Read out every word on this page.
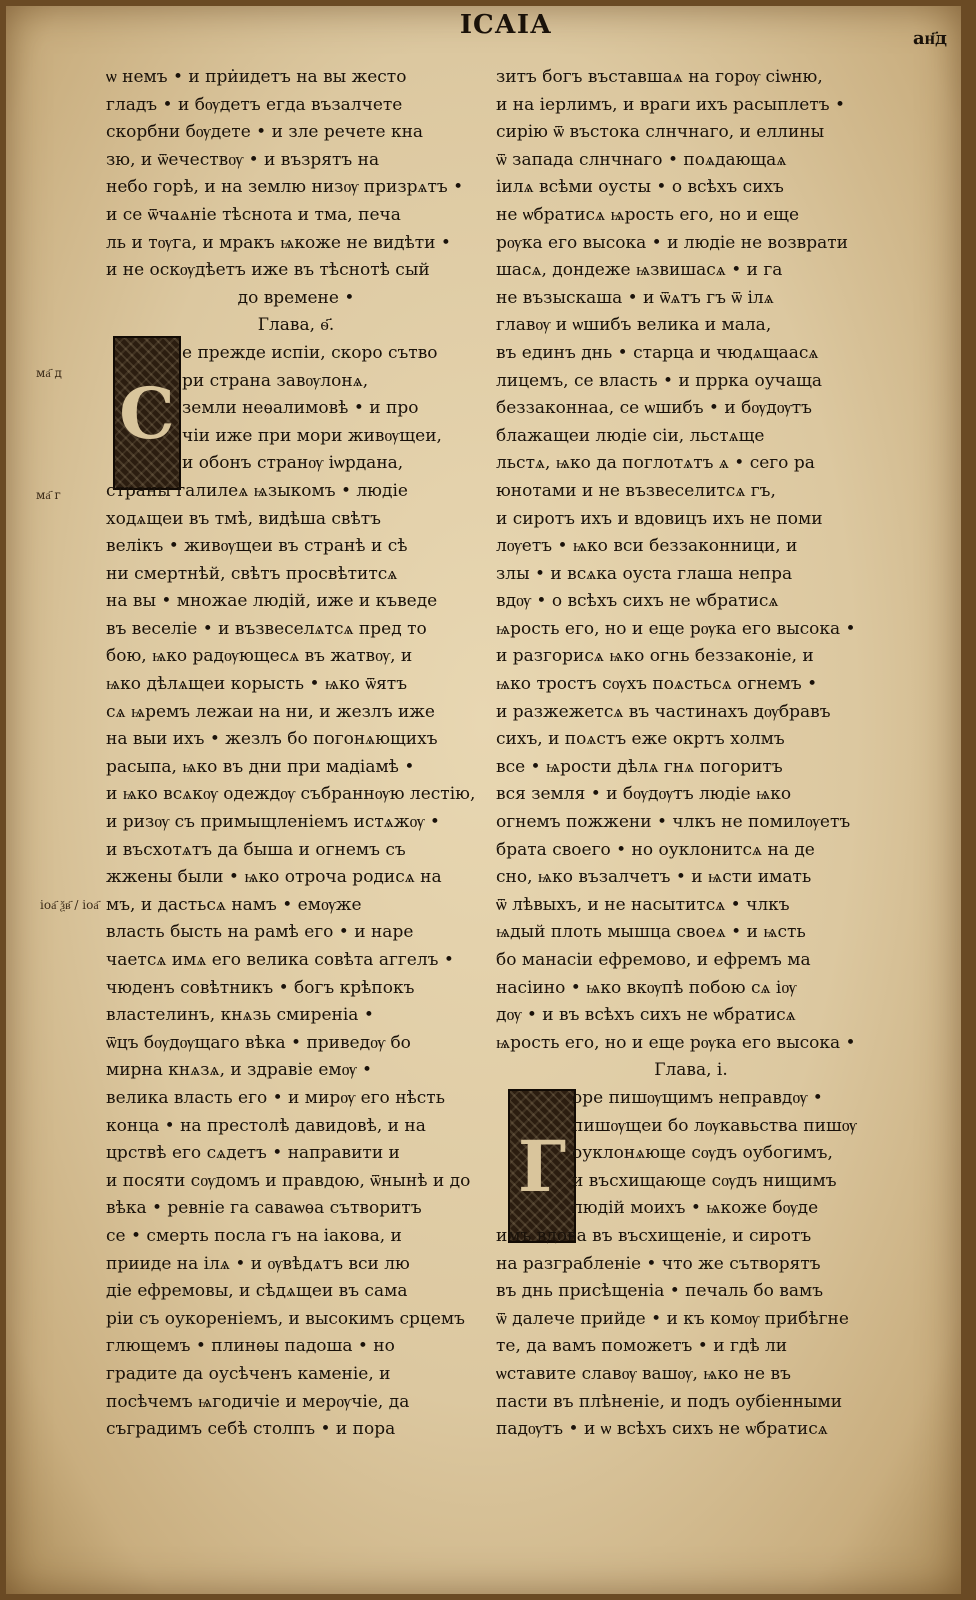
ІСАІА	ан҃д
ма҃ д
ма҃ г
іоа҃ ѯв҃ / іоа҃
С
Г
ѡ немъ • и при̇идетъ на вы жесто
гладъ • и бѹдетъ егда възалчете
скорбни бѹдете • и зле речете кна
зю, и ѿечествѹ • и възрятъ на
небо горѣ, и на землю низѹ призрѧтъ •
и се ѿчаѧніе тѣснота и тма, печа
ль и тѹга, и мракъ ѩкоже не видѣти •
и не оскѹдѣетъ иже въ тѣснотѣ сый
до времене •
Глава, ѳ҃.
е прежде испіи, скоро сътво
ри страна завѹлонѧ,
земли неѳалимовѣ • и про
чіи иже при мори живѹщеи,
и обонъ странѹ іѡрдана,
страны галилеѧ ѩзыкомъ • людіе
ходѧщеи въ тмѣ, видѣша свѣтъ
велікъ • живѹщеи въ странѣ и сѣ
ни смертнѣй, свѣтъ просвѣтитсѧ
на вы • множае людій, иже и къведе
въ веселіе • и възвеселѧтсѧ пред то
бою, ѩко радѹющесѧ въ жатвѹ, и
ѩко дѣлѧщеи корысть • ѩко ѿятъ
сѧ ѩремъ лежаи на ни, и жезлъ иже
на выи ихъ • жезлъ бо погонѧющихъ
расыпа, ѩко въ дни при мадіамѣ •
и ѩко всѧкѹ одеждѹ събраннѹю лестію,
и ризѹ съ примыщленіемъ истѧжѹ •
и въсхотѧтъ да быша и огнемъ съ
жжены были • ѩко отроча родисѧ на
мъ, и дастьсѧ намъ • емѹже
власть бысть на рамѣ его • и наре
чаетсѧ имѧ его велика совѣта аггелъ •
чюденъ совѣтникъ • богъ крѣпокъ
властелинъ, кнѧзь смиреніа •
ѿцъ бѹдѹщаго вѣка • приведѹ бо
мирна кнѧзѧ, и здравіе емѹ •
велика власть его • и мирѹ его нѣсть
конца • на престолѣ давидовѣ, и на
црствѣ его сѧдетъ • направити и
и посяти сѹдомъ и правдою, ѿнынѣ и до
вѣка • ревніе га саваѡѳа сътворитъ
се • смерть посла гъ на іакова, и
прииде на ілѧ • и ѹвѣдѧтъ вси лю
діе ефремовы, и сѣдѧщеи въ сама
ріи съ оукореніемъ, и высокимъ срцемъ
глющемъ • плинѳы падоша • но
градите да оусѣченъ каменіе, и
посѣчемъ ѩгодичіе и мерѹчіе, да
съградимъ себѣ столпъ • и пора
зитъ богъ въставшаѧ на горѹ сіѡню,
и на іерлимъ, и враги ихъ расыплетъ •
сирію ѿ въстока слнчнаго, и еллины
ѿ запада слнчнаго • поѧдающаѧ
іилѧ всѣми оусты • о всѣхъ сихъ
не ѡбратисѧ ѩрость его, но и еще
рѹка его высока • и людіе не возврати
шасѧ, дондеже ѩзвишасѧ • и га
не възыскаша • и ѿѧтъ гъ ѿ ілѧ
главѹ и ѡшибъ велика и мала,
въ единъ днь • старца и чюдѧщаасѧ
лицемъ, се власть • и пррка оучаща
беззаконнаа, се ѡшибъ • и бѹдѹтъ
блажащеи людіе сіи, льстѧще
льстѧ, ѩко да поглотѧтъ ѧ • сего ра
юнотами и не възвеселитсѧ гъ,
и сиротъ ихъ и вдовицъ ихъ не поми
лѹетъ • ѩко вси беззаконници, и
злы • и всѧка оуста глаша непра
вдѹ • о всѣхъ сихъ не ѡбратисѧ
ѩрость его, но и еще рѹка его высока •
и разгорисѧ ѩко огнь беззаконіе, и
ѩко тростъ сѹхъ поѧстьсѧ огнемъ •
и разжежетсѧ въ частинахъ дѹбравъ
сихъ, и поѧстъ еже окртъ холмъ
все • ѩрости дѣлѧ гнѧ погоритъ
вся земля • и бѹдѹтъ людіе ѩко
огнемъ пожжени • члкъ не помилѹетъ
брата своего • но оуклонитсѧ на де
сно, ѩко възалчетъ • и ѩсти имать
ѿ лѣвыхъ, и не насытитсѧ • члкъ
ѩдый плоть мышца своеѧ • и ѩсть
бо манасіи ефремово, и ефремъ ма
насіино • ѩко вкѹпѣ побою сѧ іѹ
дѹ • и въ всѣхъ сихъ не ѡбратисѧ
ѩрость его, но и еще рѹка его высока •
Глава, і.
оре пишѹщимъ неправдѹ •
пишѹщеи бо лѹкавьства пишѹ
оуклонѧюще сѹдъ оубогимъ,
и въсхищающе сѹдъ нищимъ
людій моихъ • ѩкоже бѹде
имъ вдова въ въсхищеніе, и сиротъ
на разграбленіе • что же сътворятъ
въ днь присѣщеніа • печаль бо вамъ
ѿ далече прийде • и къ комѹ прибѣгне
те, да вамъ поможетъ • и гдѣ ли
ѡставите славѹ вашѹ, ѩко не въ
пасти въ плѣненіе, и подъ оубіенными
падѹтъ • и ѡ всѣхъ сихъ не ѡбратисѧ
